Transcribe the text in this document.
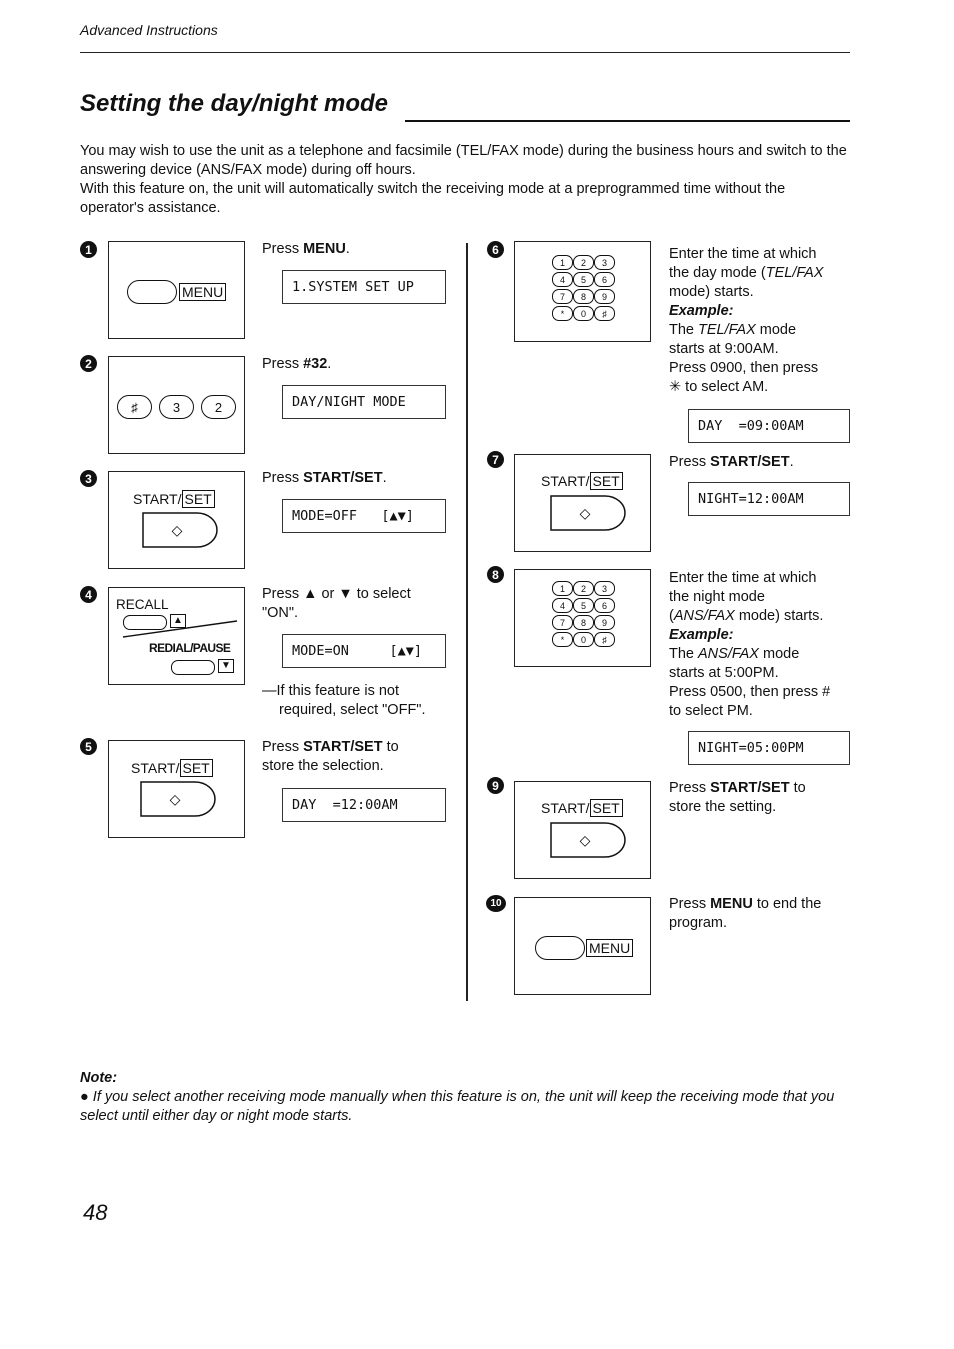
Advanced Instructions
Setting the day/night mode

You may wish to use the unit as a telephone and facsimile (TEL/FAX mode) during the business hours and switch to the answering device (ANS/FAX mode) during off hours.

With this feature on, the unit will automatically switch the receiving mode at a preprogrammed time without the operator's assistance.

1
MENU
Press MENU.
1.SYSTEM SET UP
2
♯	3	2
Press #32.
DAY/NIGHT MODE
3
START/ SET
◇
Press START/SET.
MODE=OFF   [▲▼]
4
RECALL
▲
REDIAL/PAUSE
▼
Press ▲ or ▼ to select
"ON".
MODE=ON     [▲▼]
—If this feature is not
required, select "OFF".
5
START/ SET
◇
Press START/SET to
store the selection.
DAY  =12:00AM
6
1	2	3
4	5	6
7	8	9
*	0	♯
Enter the time at which
the day mode (TEL/FAX
mode) starts.
Example:
The TEL/FAX mode
starts at 9:00AM.
Press 0900, then press
✳ to select AM.
DAY  =09:00AM
7
START/ SET
◇
Press START/SET.
NIGHT=12:00AM
8
1	2	3
4	5	6
7	8	9
*	0	♯
Enter the time at which
the night mode
(ANS/FAX mode) starts.
Example:
The ANS/FAX mode
starts at 5:00PM.
Press 0500, then press #
to select PM.
NIGHT=05:00PM
9
START/ SET
◇
Press START/SET to
store the setting.
10
MENU
Press MENU to end the
program.
Note:
● If you select another receiving mode manually when this feature is on, the unit will keep the receiving mode that you select until either day or night mode starts.
48
